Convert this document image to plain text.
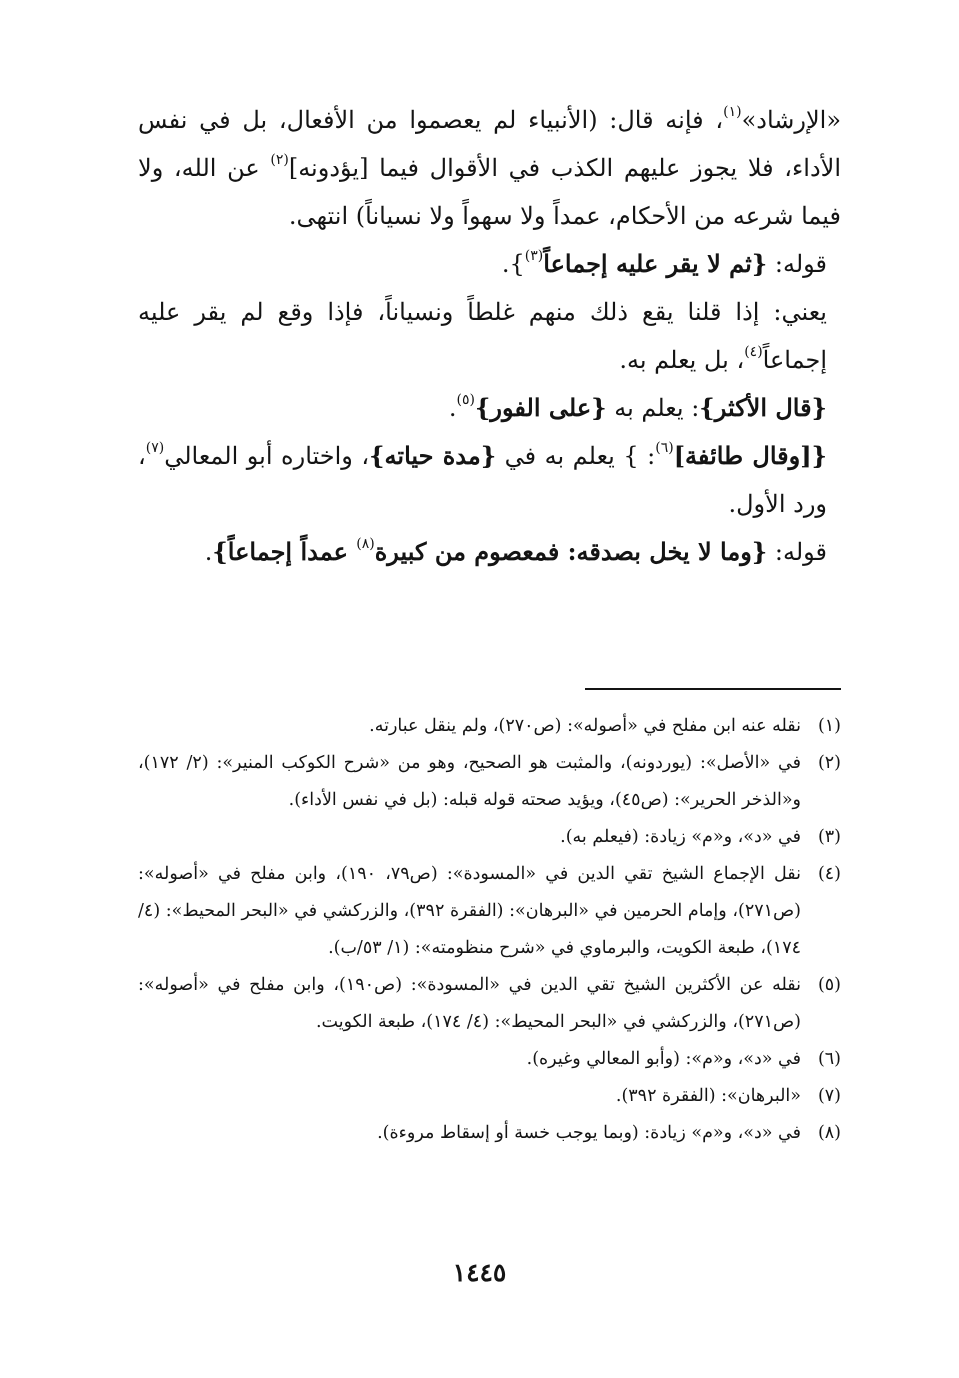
«الإرشاد»$^{(١)}$، فإنه قال: (الأنبياء لم يعصموا من الأفعال، بل في نفس الأداء، فلا يجوز عليهم الكذب في الأقوال فيما [يؤدونه]$^{(٢)}$ عن الله، ولا فيما شرعه من الأحكام، عمداً ولا سهواً ولا نسياناً) انتهى.

قوله: {ثم لا يقر عليه إجماعاً$^{(٣)}$}.

يعني: إذا قلنا يقع ذلك منهم غلطاً ونسياناً، فإذا وقع لم يقر عليه إجماعاً$^{(٤)}$، بل يعلم به.

{قال الأكثر}: يعلم به {على الفور}$^{(٥)}$.

{[وقال طائفة]$^{(٦)}$: } يعلم به في {مدة حياته}، واختاره أبو المعالي$^{(٧)}$، ورد الأول.

قوله: {وما لا يخل بصدقه: فمعصوم من كبيرة$^{(٨)}$ عمداً إجماعاً}.

(١)
نقله عنه ابن مفلح في «أصوله»: (ص٢٧٠)، ولم ينقل عبارته.
(٢)
في «الأصل»: (يوردونه)، والمثبت هو الصحيح، وهو من «شرح الكوكب المنير»: (٢/ ١٧٢)، و«الذخر الحرير»: (ص٤٥)، ويؤيد صحته قوله قبله: (بل في نفس الأداء).
(٣)
في «د»، و«م» زيادة: (فيعلم به).
(٤)
نقل الإجماع الشيخ تقي الدين في «المسودة»: (ص٧٩، ١٩٠)، وابن مفلح في «أصوله»: (ص٢٧١)، وإمام الحرمين في «البرهان»: (الفقرة ٣٩٢)، والزركشي في «البحر المحيط»: (٤/ ١٧٤)، طبعة الكويت، والبرماوي في «شرح منظومته»: (١/ ٥٣/ب).
(٥)
نقله عن الأكثرين الشيخ تقي الدين في «المسودة»: (ص١٩٠)، وابن مفلح في «أصوله»: (ص٢٧١)، والزركشي في «البحر المحيط»: (٤/ ١٧٤)، طبعة الكويت.
(٦)
في «د»، و«م»: (وأبو المعالي وغيره).
(٧)
«البرهان»: (الفقرة ٣٩٢).
(٨)
في «د»، و«م» زيادة: (وبما يوجب خسة أو إسقاط مروءة).
١٤٤٥
